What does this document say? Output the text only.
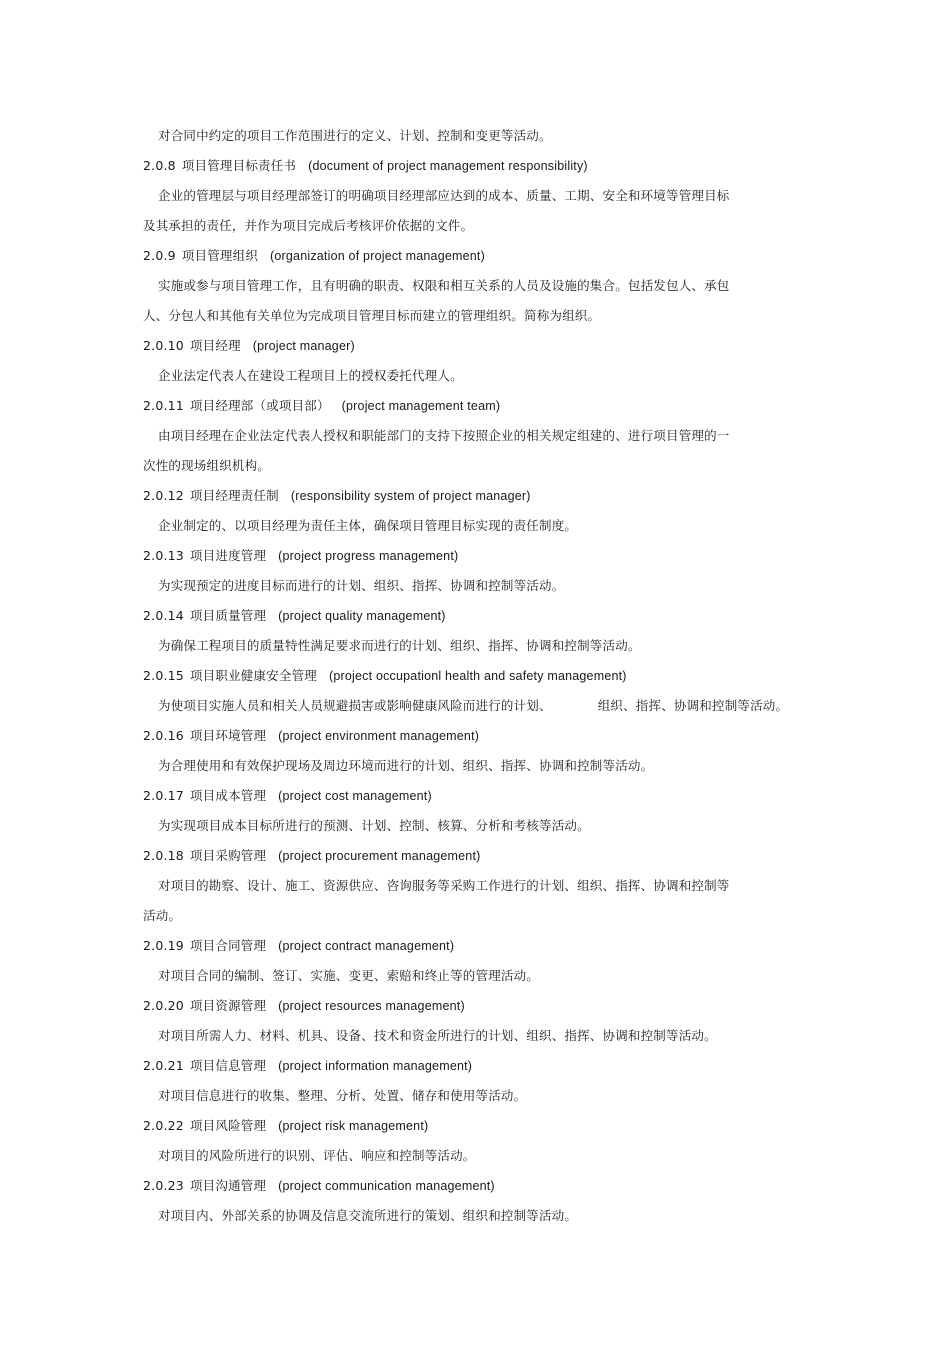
对合同中约定的项目工作范围进行的定义、计划、控制和变更等活动。
2.0.8 项目管理目标责任书 (document of project management responsibility)
企业的管理层与项目经理部签订的明确项目经理部应达到的成本、质量、工期、安全和环境等管理目标
及其承担的责任，并作为项目完成后考核评价依据的文件。
2.0.9 项目管理组织 (organization of project management)
实施或参与项目管理工作，且有明确的职责、权限和相互关系的人员及设施的集合。包括发包人、承包
人、分包人和其他有关单位为完成项目管理目标而建立的管理组织。简称为组织。
2.0.10 项目经理 (project manager)
企业法定代表人在建设工程项目上的授权委托代理人。
2.0.11 项目经理部（或项目部） (project management team)
由项目经理在企业法定代表人授权和职能部门的支持下按照企业的相关规定组建的、进行项目管理的一
次性的现场组织机构。
2.0.12 项目经理责任制 (responsibility system of project manager)
企业制定的、以项目经理为责任主体，确保项目管理目标实现的责任制度。
2.0.13 项目进度管理 (project progress management)
为实现预定的进度目标而进行的计划、组织、指挥、协调和控制等活动。
2.0.14 项目质量管理 (project quality management)
为确保工程项目的质量特性满足要求而进行的计划、组织、指挥、协调和控制等活动。
2.0.15 项目职业健康安全管理 (project occupationl health and safety management)
为使项目实施人员和相关人员规避损害或影响健康风险而进行的计划、	组织、指挥、协调和控制等活动。
2.0.16 项目环境管理 (project environment management)
为合理使用和有效保护现场及周边环境而进行的计划、组织、指挥、协调和控制等活动。
2.0.17 项目成本管理 (project cost management)
为实现项目成本目标所进行的预测、计划、控制、核算、分析和考核等活动。
2.0.18 项目采购管理 (project procurement management)
对项目的勘察、设计、施工、资源供应、咨询服务等采购工作进行的计划、组织、指挥、协调和控制等
活动。
2.0.19 项目合同管理 (project contract management)
对项目合同的编制、签订、实施、变更、索赔和终止等的管理活动。
2.0.20 项目资源管理 (project resources management)
对项目所需人力、材料、机具、设备、技术和资金所进行的计划、组织、指挥、协调和控制等活动。
2.0.21 项目信息管理 (project information management)
对项目信息进行的收集、整理、分析、处置、储存和使用等活动。
2.0.22 项目风险管理 (project risk management)
对项目的风险所进行的识别、评估、响应和控制等活动。
2.0.23 项目沟通管理 (project communication management)
对项目内、外部关系的协调及信息交流所进行的策划、组织和控制等活动。
